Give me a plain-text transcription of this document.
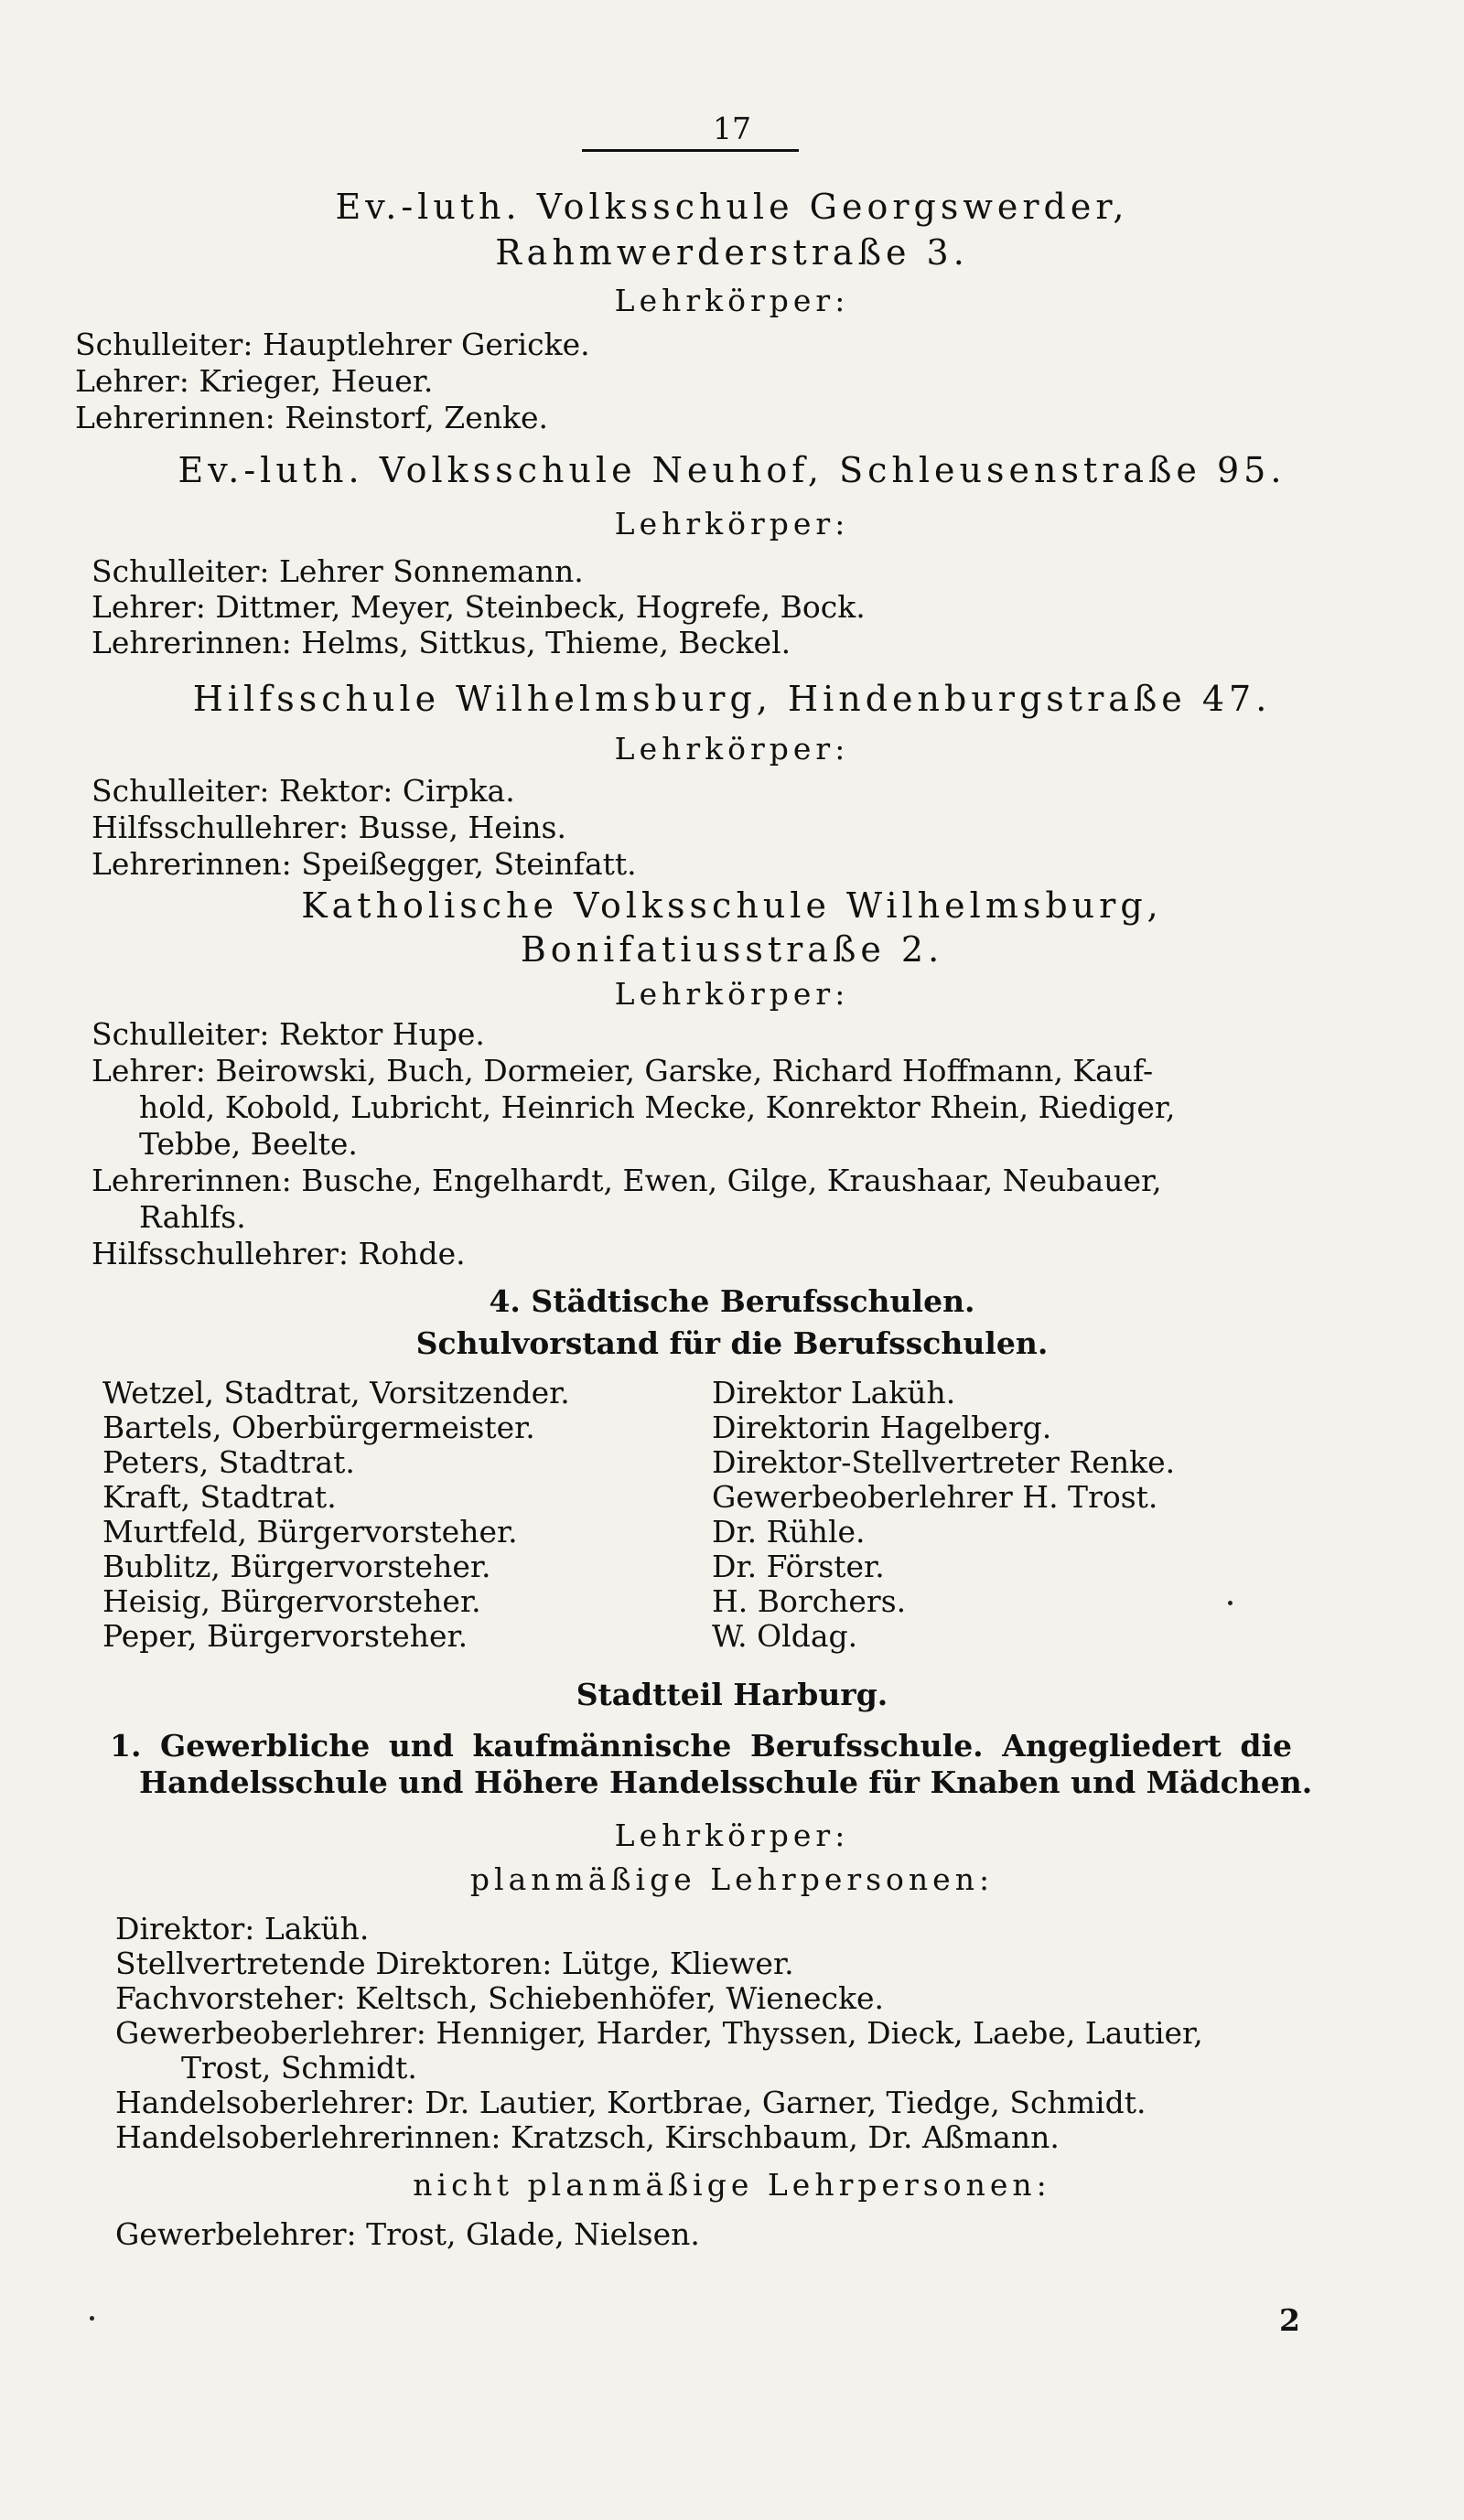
17
Ev.-luth. Volksschule Georgswerder,
Rahmwerderstraße 3.
Lehrkörper:
Schulleiter: Hauptlehrer Gericke.
Lehrer: Krieger, Heuer.
Lehrerinnen: Reinstorf, Zenke.
Ev.-luth. Volksschule Neuhof, Schleusenstraße 95.
Lehrkörper:
Schulleiter: Lehrer Sonnemann.
Lehrer: Dittmer, Meyer, Steinbeck, Hogrefe, Bock.
Lehrerinnen: Helms, Sittkus, Thieme, Beckel.
Hilfsschule Wilhelmsburg, Hindenburgstraße 47.
Lehrkörper:
Schulleiter: Rektor: Cirpka.
Hilfsschullehrer: Busse, Heins.
Lehrerinnen: Speißegger, Steinfatt.
Katholische Volksschule Wilhelmsburg,
Bonifatiusstraße 2.
Lehrkörper:
Schulleiter: Rektor Hupe.
Lehrer: Beirowski, Buch, Dormeier, Garske, Richard Hoffmann, Kauf-
hold, Kobold, Lubricht, Heinrich Mecke, Konrektor Rhein, Riediger,
Tebbe, Beelte.
Lehrerinnen: Busche, Engelhardt, Ewen, Gilge, Kraushaar, Neubauer,
Rahlfs.
Hilfsschullehrer: Rohde.
4. Städtische Berufsschulen.
Schulvorstand für die Berufsschulen.
Wetzel, Stadtrat, Vorsitzender.
Bartels, Oberbürgermeister.
Peters, Stadtrat.
Kraft, Stadtrat.
Murtfeld, Bürgervorsteher.
Bublitz, Bürgervorsteher.
Heisig, Bürgervorsteher.
Peper, Bürgervorsteher.
Direktor Laküh.
Direktorin Hagelberg.
Direktor-Stellvertreter Renke.
Gewerbeoberlehrer H. Trost.
Dr. Rühle.
Dr. Förster.
H. Borchers.
W. Oldag.
Stadtteil Harburg.
1. Gewerbliche und kaufmännische Berufsschule. Angegliedert die
Handelsschule und Höhere Handelsschule für Knaben und Mädchen.
Lehrkörper:
planmäßige Lehrpersonen:
Direktor: Laküh.
Stellvertretende Direktoren: Lütge, Kliewer.
Fachvorsteher: Keltsch, Schiebenhöfer, Wienecke.
Gewerbeoberlehrer: Henniger, Harder, Thyssen, Dieck, Laebe, Lautier,
Trost, Schmidt.
Handelsoberlehrer: Dr. Lautier, Kortbrae, Garner, Tiedge, Schmidt.
Handelsoberlehrerinnen: Kratzsch, Kirschbaum, Dr. Aßmann.
nicht planmäßige Lehrpersonen:
Gewerbelehrer: Trost, Glade, Nielsen.
2
